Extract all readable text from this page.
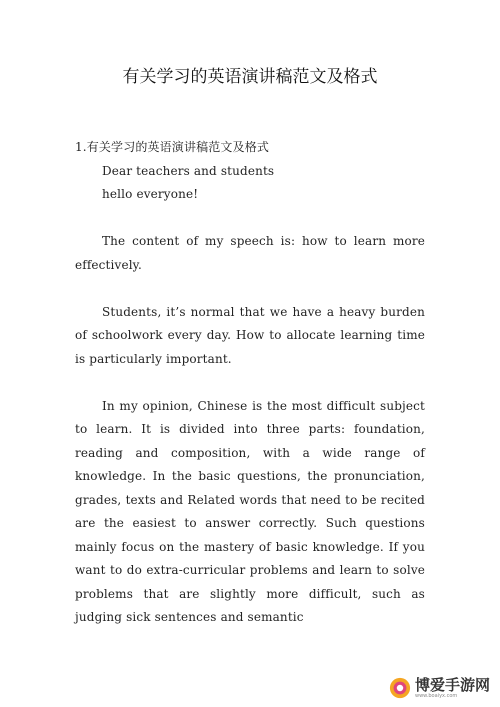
有关学习的英语演讲稿范文及格式
1.有关学习的英语演讲稿范文及格式
Dear teachers and students
hello everyone!
The content of my speech is: how to learn more effectively.
Students, it’s normal that we have a heavy burden of schoolwork every day. How to allocate learning time is particularly important.
In my opinion, Chinese is the most difficult subject to learn. It is divided into three parts: foundation, reading and composition, with a wide range of knowledge. In the basic questions, the pronunciation, grades, texts and Related words that need to be recited are the easiest to answer correctly. Such questions mainly focus on the mastery of basic knowledge. If you want to do extra-curricular problems and learn to solve problems that are slightly more difficult, such as judging sick sentences and semantic
博爱手游网
www.boaiyx.com
